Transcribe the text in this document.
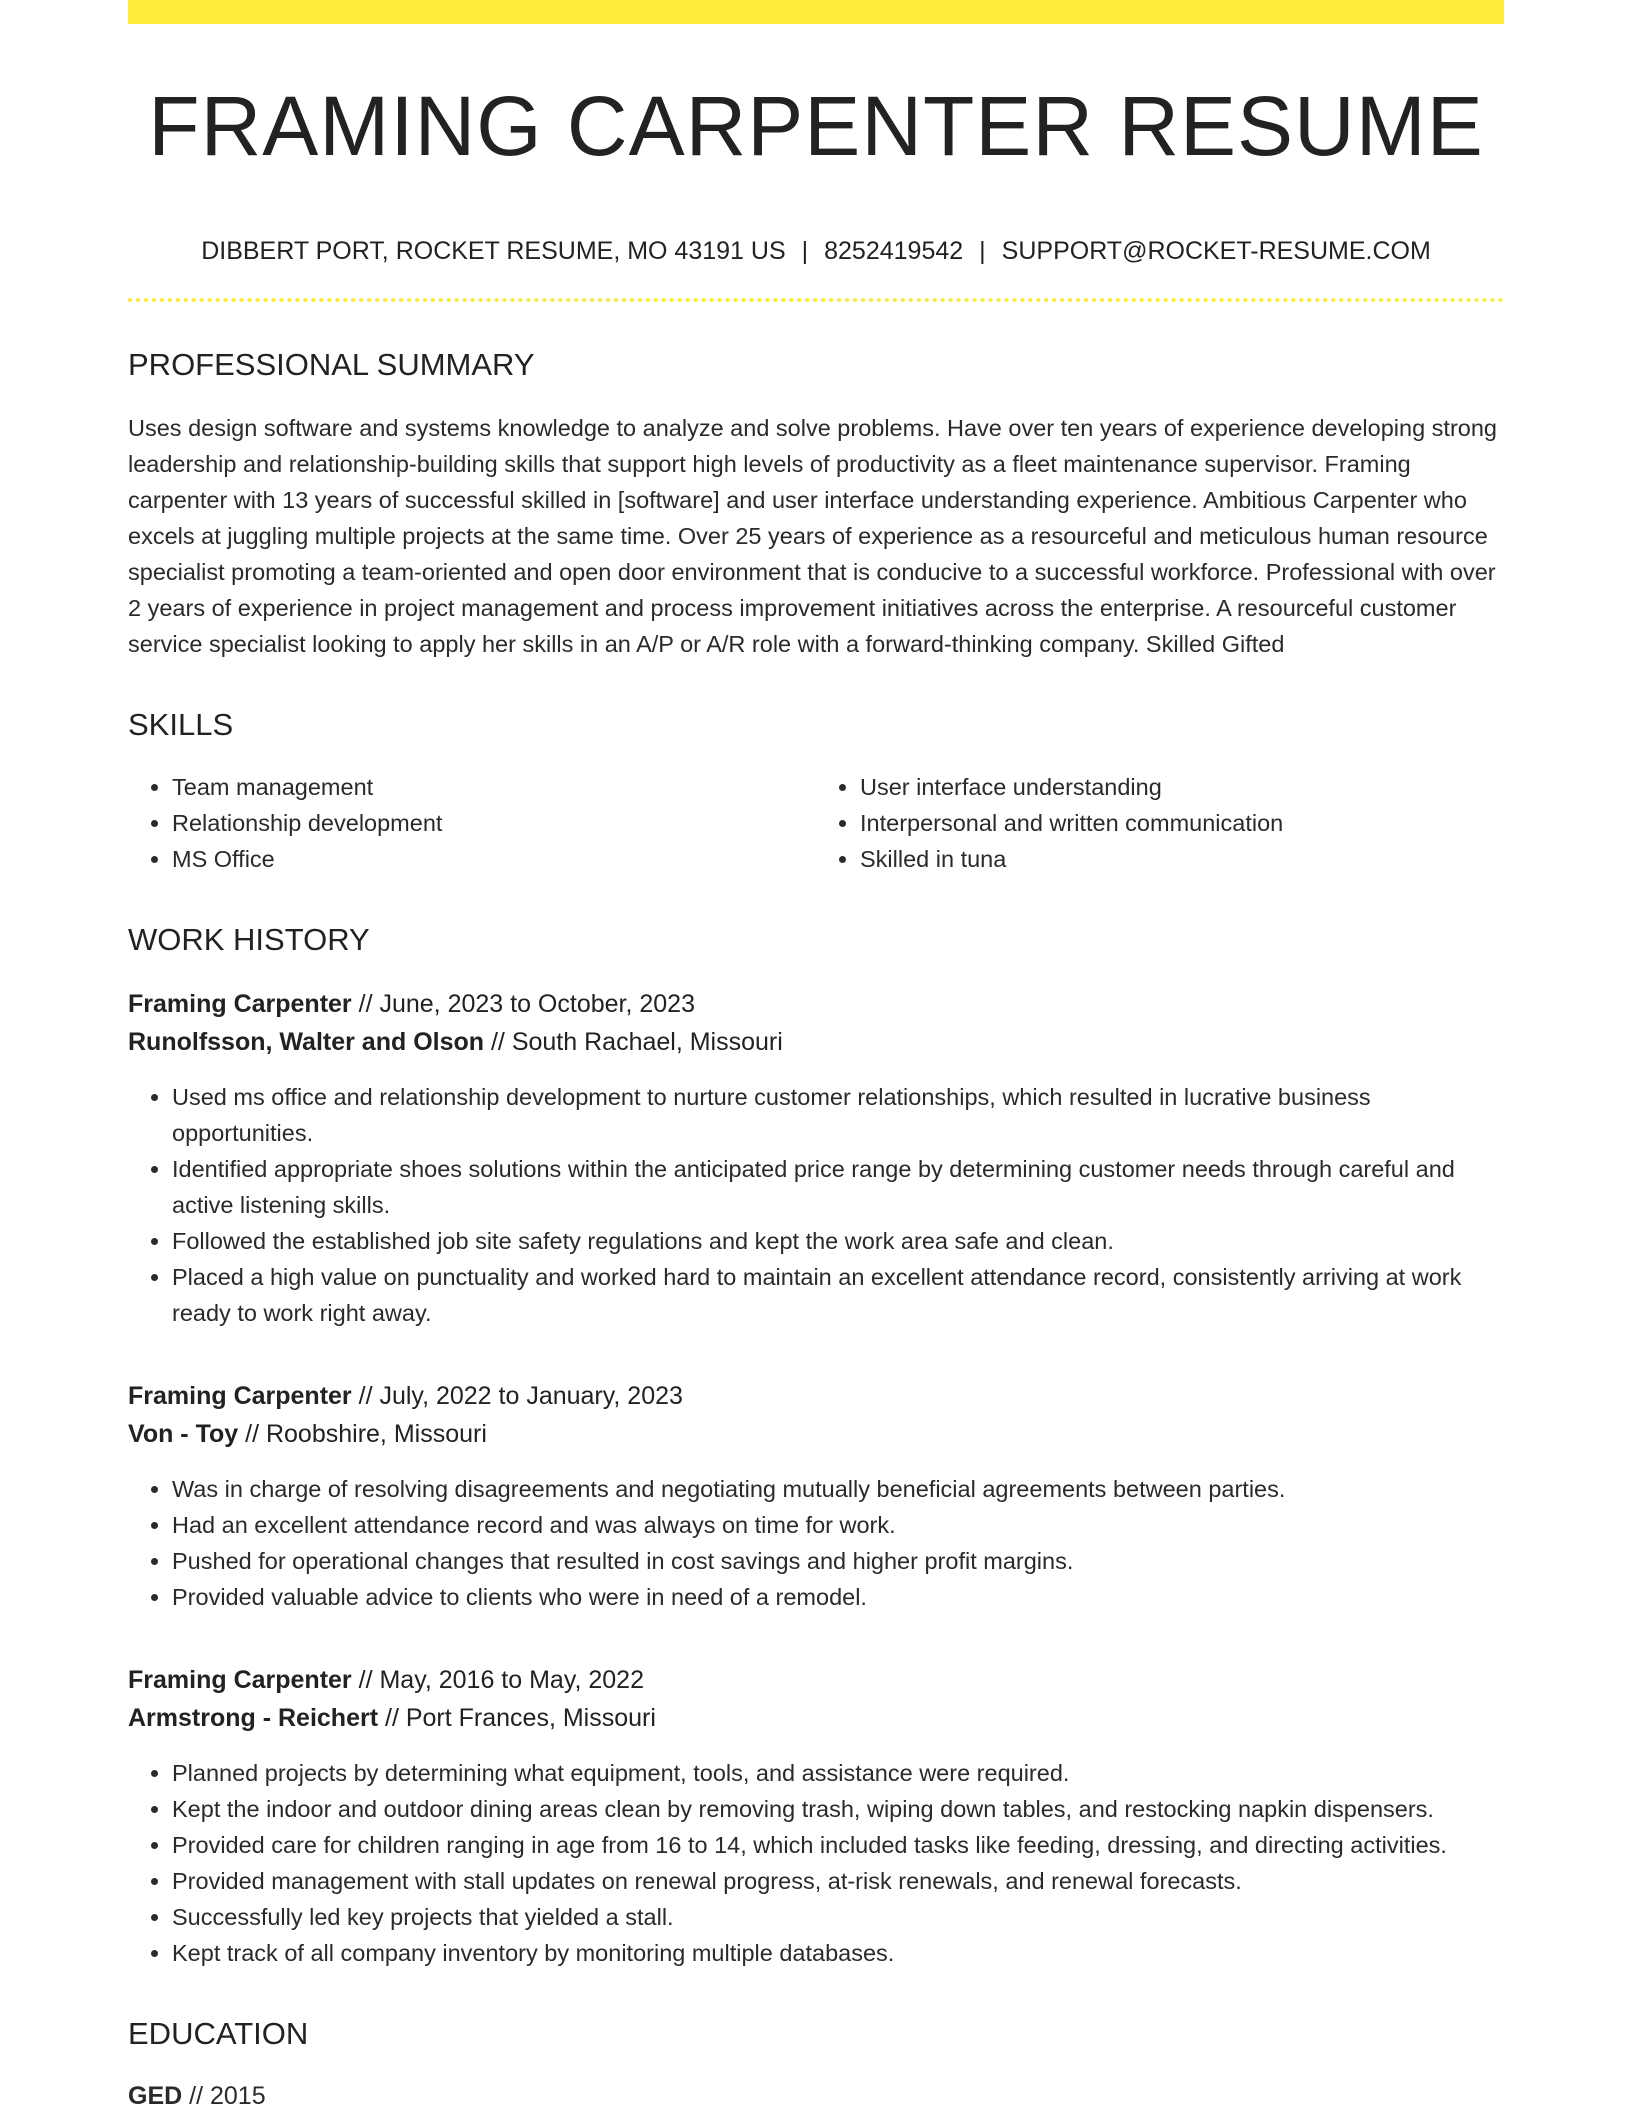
FRAMING CARPENTER RESUME
DIBBERT PORT, ROCKET RESUME, MO 43191 US | 8252419542 | SUPPORT@ROCKET-RESUME.COM
PROFESSIONAL SUMMARY

Uses design software and systems knowledge to analyze and solve problems. Have over ten years of experience developing strong leadership and relationship-building skills that support high levels of productivity as a fleet maintenance supervisor. Framing carpenter with 13 years of successful skilled in [software] and user interface understanding experience. Ambitious Carpenter who excels at juggling multiple projects at the same time. Over 25 years of experience as a resourceful and meticulous human resource specialist promoting a team-oriented and open door environment that is conducive to a successful workforce. Professional with over 2 years of experience in project management and process improvement initiatives across the enterprise. A resourceful customer service specialist looking to apply her skills in an A/P or A/R role with a forward-thinking company. Skilled Gifted

SKILLS
• Team management
• Relationship development
• MS Office
• User interface understanding
• Interpersonal and written communication
• Skilled in tuna
WORK HISTORY
Framing Carpenter // June, 2023 to October, 2023
Runolfsson, Walter and Olson // South Rachael, Missouri
• Used ms office and relationship development to nurture customer relationships, which resulted in lucrative business opportunities.
• Identified appropriate shoes solutions within the anticipated price range by determining customer needs through careful and active listening skills.
• Followed the established job site safety regulations and kept the work area safe and clean.
• Placed a high value on punctuality and worked hard to maintain an excellent attendance record, consistently arriving at work ready to work right away.
Framing Carpenter // July, 2022 to January, 2023
Von - Toy // Roobshire, Missouri
• Was in charge of resolving disagreements and negotiating mutually beneficial agreements between parties.
• Had an excellent attendance record and was always on time for work.
• Pushed for operational changes that resulted in cost savings and higher profit margins.
• Provided valuable advice to clients who were in need of a remodel.
Framing Carpenter // May, 2016 to May, 2022
Armstrong - Reichert // Port Frances, Missouri
• Planned projects by determining what equipment, tools, and assistance were required.
• Kept the indoor and outdoor dining areas clean by removing trash, wiping down tables, and restocking napkin dispensers.
• Provided care for children ranging in age from 16 to 14, which included tasks like feeding, dressing, and directing activities.
• Provided management with stall updates on renewal progress, at-risk renewals, and renewal forecasts.
• Successfully led key projects that yielded a stall.
• Kept track of all company inventory by monitoring multiple databases.
EDUCATION
GED // 2015
